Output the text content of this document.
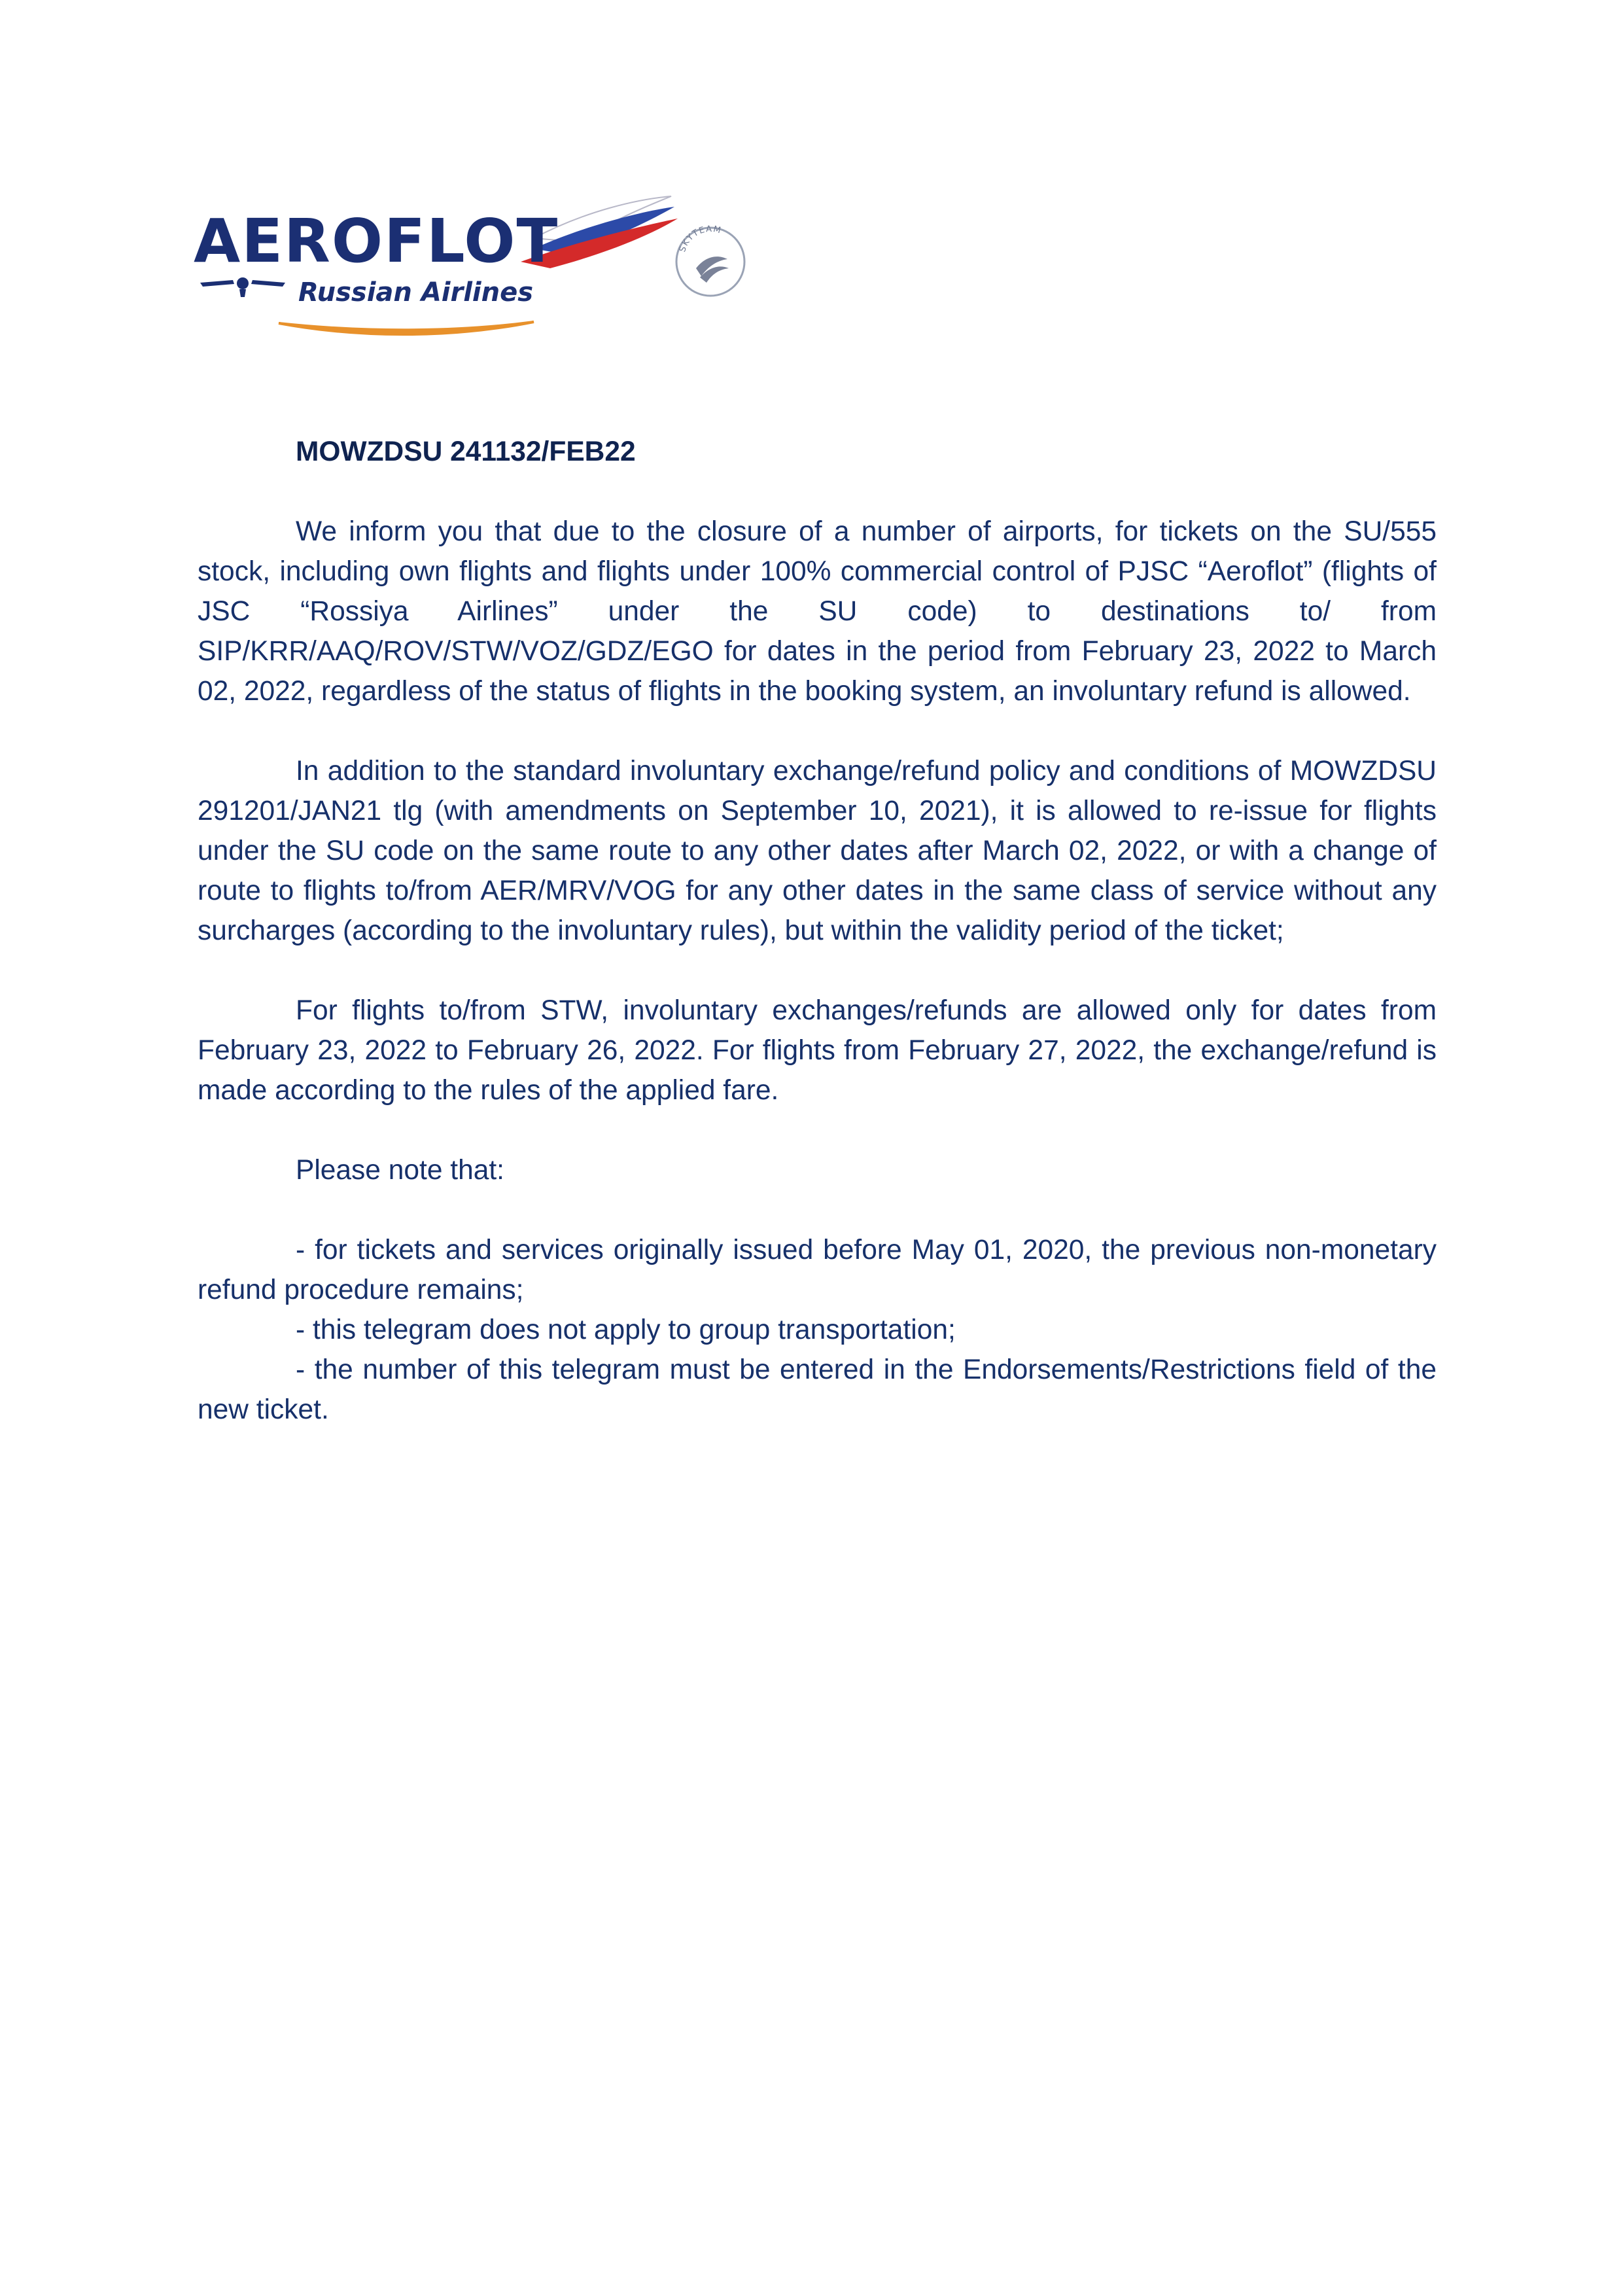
AEROFLOT
Russian Airlines
SKYTEAM

MOWZDSU 241132/FEB22

We inform you that due to the closure of a number of airports, for tickets on the SU/555 stock, including own flights and flights under 100% commercial control of PJSC “Aeroflot” (flights of JSC “Rossiya Airlines” under the SU code) to destinations to/ from SIP/KRR/AAQ/ROV/STW/VOZ/GDZ/EGO for dates in the period from February 23, 2022 to March 02, 2022, regardless of the status of flights in the booking system, an involuntary refund is allowed.

In addition to the standard involuntary exchange/refund policy and conditions of MOWZDSU 291201/JAN21 tlg (with amendments on September 10, 2021), it is allowed to re-issue for flights under the SU code on the same route to any other dates after March 02, 2022, or with a change of route to flights to/from AER/MRV/VOG for any other dates in the same class of service without any surcharges (according to the involuntary rules), but within the validity period of the ticket;

For flights to/from STW, involuntary exchanges/refunds are allowed only for dates from February 23, 2022 to February 26, 2022. For flights from February 27, 2022, the exchange/refund is made according to the rules of the applied fare.

Please note that:

- for tickets and services originally issued before May 01, 2020, the previous non-monetary refund procedure remains;

- this telegram does not apply to group transportation;

- the number of this telegram must be entered in the Endorsements/Restrictions field of the new ticket.
